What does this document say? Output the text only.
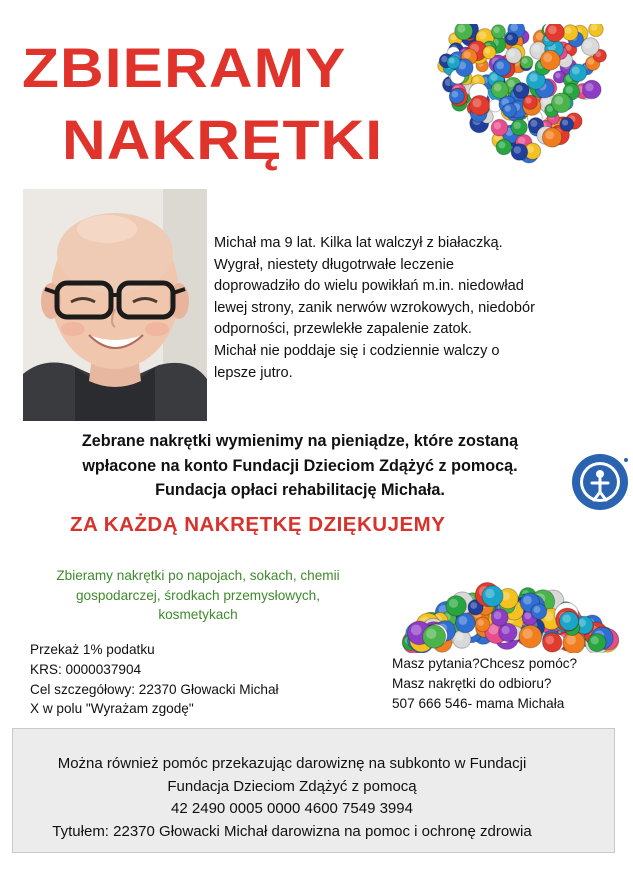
ZBIERAMY
NAKRĘTKI

Michał ma 9 lat. Kilka lat walczył z białaczką.

Wygrał, niestety długotrwałe leczenie

doprowadziło do wielu powikłań m.in. niedowład

lewej strony, zanik nerwów wzrokowych, niedobór

odporności, przewlekłe zapalenie zatok.

Michał nie poddaje się i codziennie walczy o

lepsze jutro.

Zebrane nakrętki wymienimy na pieniądze, które zostaną

wpłacone na konto Fundacji Dzieciom Zdążyć z pomocą.

Fundacja opłaci rehabilitację Michała.

ZA KAŻDĄ NAKRĘTKĘ DZIĘKUJEMY

Zbieramy nakrętki po napojach, sokach, chemii

gospodarczej, środkach przemysłowych,

kosmetykach

Przekaż 1% podatku

KRS: 0000037904

Cel szczegółowy: 22370 Głowacki Michał

X w polu "Wyrażam zgodę"

Masz pytania?Chcesz pomóc?

Masz nakrętki do odbioru?

507 666 546- mama Michała

Można również pomóc przekazując darowiznę na subkonto w Fundacji

Fundacja Dzieciom Zdążyć z pomocą

42 2490 0005 0000 4600 7549 3994

Tytułem: 22370 Głowacki Michał darowizna na pomoc i ochronę zdrowia
